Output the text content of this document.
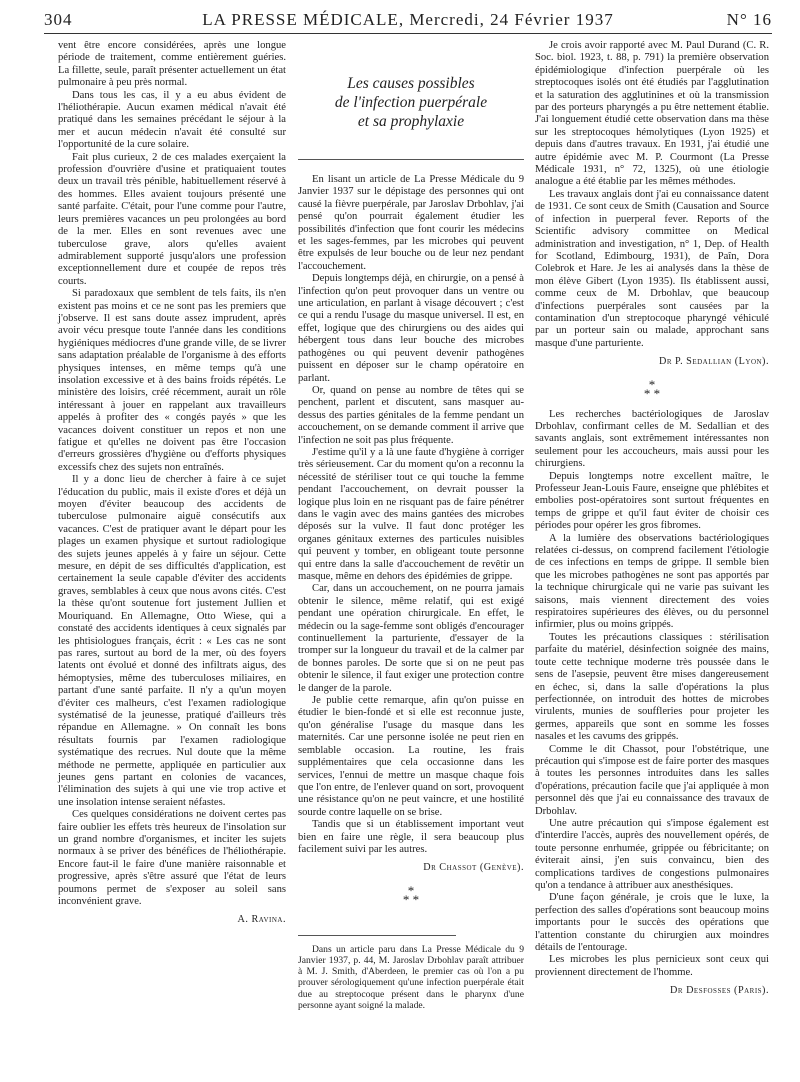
304	LA PRESSE MÉDICALE, Mercredi, 24 Février 1937	N° 16

vent être encore considérées, après une longue période de traitement, comme entièrement guéries. La fillette, seule, paraît présenter actuellement un état pulmonaire à peu près normal.

Dans tous les cas, il y a eu abus évident de l'héliothérapie. Aucun examen médical n'avait été pratiqué dans les semaines précédant le séjour à la mer et aucun médecin n'avait été consulté sur l'opportunité de la cure solaire.

Fait plus curieux, 2 de ces malades exerçaient la profession d'ouvrière d'usine et pratiquaient toutes deux un travail très pénible, habituellement réservé à des hommes. Elles avaient toujours présenté une santé parfaite. C'était, pour l'une comme pour l'autre, leurs premières vacances un peu prolongées au bord de la mer. Elles en sont revenues avec une tuberculose grave, alors qu'elles avaient admirablement supporté jusqu'alors une profession exceptionnellement dure et coupée de repos très courts.

Si paradoxaux que semblent de tels faits, ils n'en existent pas moins et ce ne sont pas les premiers que j'observe. Il est sans doute assez imprudent, après avoir vécu presque toute l'année dans les conditions hygiéniques médiocres d'une grande ville, de se livrer sans adaptation préalable de l'organisme à des efforts physiques intenses, en même temps qu'à une insolation excessive et à des bains froids répétés. Le ministère des loisirs, créé récemment, aurait un rôle intéressant à jouer en rappelant aux travailleurs appelés à profiter des « congés payés » que les vacances doivent constituer un repos et non une fatigue et qu'elles ne doivent pas être l'occasion d'erreurs grossières d'hygiène ou d'efforts physiques excessifs chez des sujets non entraînés.

Il y a donc lieu de chercher à faire à ce sujet l'éducation du public, mais il existe d'ores et déjà un moyen d'éviter beaucoup des accidents de tuberculose pulmonaire aiguë consécutifs aux vacances. C'est de pratiquer avant le départ pour les plages un examen physique et surtout radiologique des sujets jeunes appelés à y faire un séjour. Cette mesure, en dépit de ses difficultés d'application, est certainement la seule capable d'éviter des accidents graves, semblables à ceux que nous avons cités. C'est la thèse qu'ont soutenue fort justement Jullien et Mouriquand. En Allemagne, Otto Wiese, qui a constaté des accidents identiques à ceux signalés par les phtisiologues français, écrit : « Les cas ne sont pas rares, surtout au bord de la mer, où des foyers latents ont évolué et donné des infiltrats aigus, des hémoptysies, même des tuberculoses miliaires, en partant d'une santé parfaite. Il n'y a qu'un moyen d'éviter ces malheurs, c'est l'examen radiologique systématisé de la jeunesse, pratiqué d'ailleurs très répandue en Allemagne. » On connaît les bons résultats fournis par l'examen radiologique systématique des recrues. Nul doute que la même méthode ne permette, appliquée en particulier aux jeunes gens partant en colonies de vacances, l'élimination des sujets à qui une vie trop active et une insolation intense seraient néfastes.

Ces quelques considérations ne doivent certes pas faire oublier les effets très heureux de l'insolation sur un grand nombre d'organismes, et inciter les sujets normaux à se priver des bénéfices de l'héliothérapie. Encore faut-il le faire d'une manière raisonnable et progressive, après s'être assuré que l'état de leurs poumons permet de s'exposer au soleil sans inconvénient grave.

A. Ravina.
Les causes possibles
de l'infection puerpérale
et sa prophylaxie

En lisant un article de La Presse Médicale du 9 Janvier 1937 sur le dépistage des personnes qui ont causé la fièvre puerpérale, par Jaroslav Drbohlav, j'ai pensé qu'on pourrait également étudier les possibilités d'infection que font courir les médecins et les sages-femmes, par les microbes qui peuvent être expulsés de leur bouche ou de leur nez pendant l'accouchement.

Depuis longtemps déjà, en chirurgie, on a pensé à l'infection qu'on peut provoquer dans un ventre ou une articulation, en parlant à visage découvert ; c'est ce qui a rendu l'usage du masque universel. Il est, en effet, logique que des chirurgiens ou des aides qui hébergent tous dans leur bouche des microbes pathogènes ou qui peuvent devenir pathogènes puissent en déposer sur le champ opératoire en parlant.

Or, quand on pense au nombre de têtes qui se penchent, parlent et discutent, sans masquer au-dessus des parties génitales de la femme pendant un accouchement, on se demande comment il arrive que l'infection ne soit pas plus fréquente.

J'estime qu'il y a là une faute d'hygiène à corriger très sérieusement. Car du moment qu'on a reconnu la nécessité de stériliser tout ce qui touche la femme pendant l'accouchement, on devrait pousser la logique plus loin en ne risquant pas de faire pénétrer dans le vagin avec des mains gantées des microbes déposés sur la vulve. Il faut donc protéger les organes génitaux externes des particules nuisibles qui peuvent y tomber, en obligeant toute personne qui entre dans la salle d'accouchement de revêtir un masque, même en dehors des épidémies de grippe.

Car, dans un accouchement, on ne pourra jamais obtenir le silence, même relatif, qui est exigé pendant une opération chirurgicale. En effet, le médecin ou la sage-femme sont obligés d'encourager continuellement la parturiente, d'essayer de la tromper sur la longueur du travail et de la calmer par de bonnes paroles. De sorte que si on ne peut pas obtenir le silence, il faut exiger une protection contre le danger de la parole.

Je publie cette remarque, afin qu'on puisse en étudier le bien-fondé et si elle est reconnue juste, qu'on généralise l'usage du masque dans les maternités. Car une personne isolée ne peut rien en semblable occasion. La routine, les frais supplémentaires que cela occasionne dans les services, l'ennui de mettre un masque chaque fois que l'on entre, de l'enlever quand on sort, provoquent une résistance qu'on ne peut vaincre, et une hostilité sourde contre laquelle on se brise.

Tandis que si un établissement important veut bien en faire une règle, il sera beaucoup plus facilement suivi par les autres.

Dr Chassot (Genève).
*
* *

Dans un article paru dans La Presse Médicale du 9 Janvier 1937, p. 44, M. Jaroslav Drbohlav paraît attribuer à M. J. Smith, d'Aberdeen, le premier cas où l'on a pu prouver sérologiquement qu'une infection puerpérale était due au streptocoque présent dans le pharynx d'une personne ayant soigné la malade.

Je crois avoir rapporté avec M. Paul Durand (C. R. Soc. biol. 1923, t. 88, p. 791) la première observation épidémiologique d'infection puerpérale où les streptocoques isolés ont été étudiés par l'agglutination et la saturation des agglutinines et où la transmission par des porteurs pharyngés a pu être nettement établie. J'ai longuement étudié cette observation dans ma thèse sur les streptocoques hémolytiques (Lyon 1925) et depuis dans d'autres travaux. En 1931, j'ai étudié une autre épidémie avec M. P. Courmont (La Presse Médicale 1931, n° 72, 1325), où une étiologie analogue a été établie par les mêmes méthodes.

Les travaux anglais dont j'ai eu connaissance datent de 1931. Ce sont ceux de Smith (Causation and Source of infection in puerperal fever. Reports of the Scientific advisory committee on Medical administration and investigation, n° 1, Dep. of Health for Scotland, Edimbourg, 1931), de Paîn, Dora Colebrok et Hare. Je les ai analysés dans la thèse de mon élève Gibert (Lyon 1935). Ils établissent aussi, comme ceux de M. Drbohlav, que beaucoup d'infections puerpérales sont causées par la contamination d'un streptocoque pharyngé véhiculé par un porteur sain ou malade, approchant sans masque d'une parturiente.

Dr P. Sedallian (Lyon).
*
* *

Les recherches bactériologiques de Jaroslav Drbohlav, confirmant celles de M. Sedallian et des savants anglais, sont extrêmement intéressantes non seulement pour les accoucheurs, mais aussi pour les chirurgiens.

Depuis longtemps notre excellent maître, le Professeur Jean-Louis Faure, enseigne que phlébites et embolies post-opératoires sont surtout fréquentes en temps de grippe et qu'il faut éviter de choisir ces périodes pour opérer les gros fibromes.

A la lumière des observations bactériologiques relatées ci-dessus, on comprend facilement l'étiologie de ces infections en temps de grippe. Il semble bien que les microbes pathogènes ne sont pas apportés par la technique chirurgicale qui ne varie pas suivant les saisons, mais viennent directement des voies respiratoires supérieures des élèves, ou du personnel infirmier, plus ou moins grippés.

Toutes les précautions classiques : stérilisation parfaite du matériel, désinfection soignée des mains, toute cette technique moderne très poussée dans le sens de l'asepsie, peuvent être mises dangereusement en échec, si, dans la salle d'opérations la plus perfectionnée, on introduit des hottes de microbes virulents, munies de souffleries pour projeter les germes, appareils que sont en somme les fosses nasales et les cavums des grippés.

Comme le dit Chassot, pour l'obstétrique, une précaution qui s'impose est de faire porter des masques à toutes les personnes introduites dans les salles d'opérations, précaution facile que j'ai appliquée à mon personnel dès que j'ai eu connaissance des travaux de Drbohlav.

Une autre précaution qui s'impose également est d'interdire l'accès, auprès des nouvellement opérés, de toute personne enrhumée, grippée ou fébricitante; on éviterait ainsi, j'en suis convaincu, bien des complications tardives de congestions pulmonaires qu'on a tendance à attribuer aux anesthésiques.

D'une façon générale, je crois que le luxe, la perfection des salles d'opérations sont beaucoup moins importants pour le succès des opérations que l'attention constante du chirurgien aux moindres détails de l'entourage.

Les microbes les plus pernicieux sont ceux qui proviennent directement de l'homme.

Dr Desfosses (Paris).
